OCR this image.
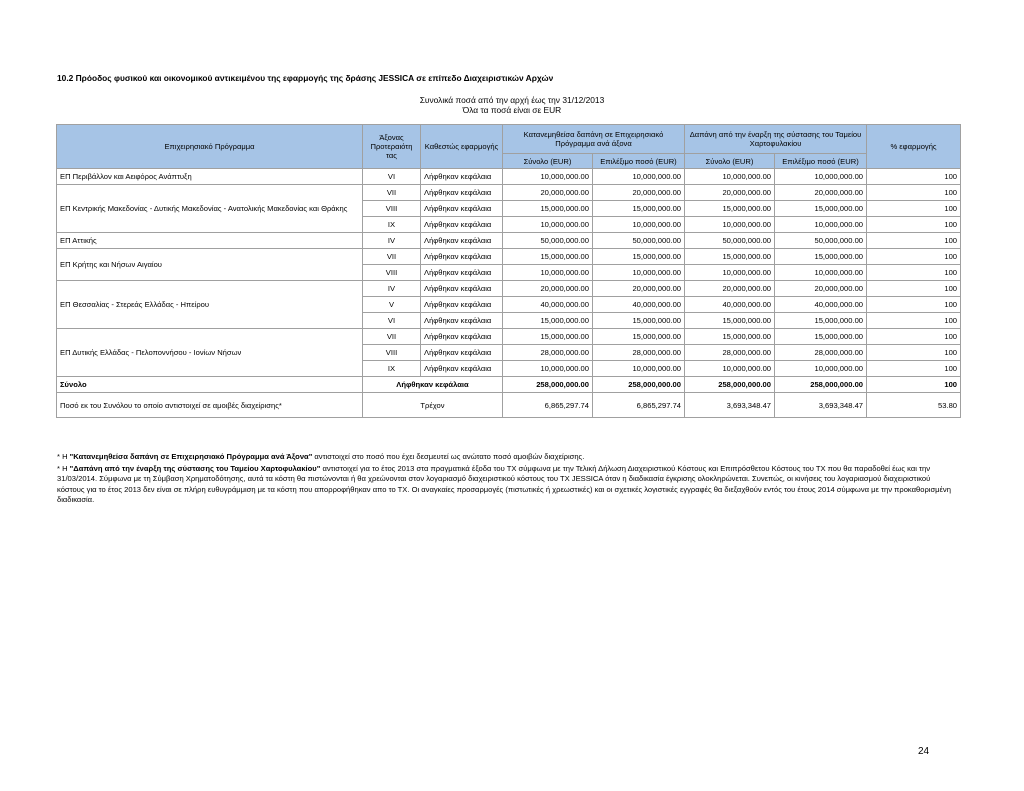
10.2 Πρόοδος φυσικού και οικονομικού αντικειμένου της εφαρμογής της δράσης JESSICA σε επίπεδο Διαχειριστικών Αρχών
Συνολικά ποσά από την αρχή έως την 31/12/2013
Όλα τα ποσά είναι σε EUR
Επιχειρησιακό Πρόγραμμα	Άξονας Προτεραιότη τας	Καθεστώς εφαρμογής	Κατανεμηθείσα δαπάνη σε Επιχειρησιακό Πρόγραμμα ανά άξονα		Δαπάνη από την έναρξη της σύστασης του Ταμείου Χαρτοφυλακίου		% εφαρμογής
			Σύνολο (EUR)	Επιλέξιμο ποσό (EUR)	Σύνολο (EUR)	Επιλέξιμο ποσό (EUR)	
ΕΠ Περιβάλλον και Αειφόρος Ανάπτυξη	VI	Λήφθηκαν κεφάλαια	10,000,000.00	10,000,000.00	10,000,000.00	10,000,000.00	100
ΕΠ Κεντρικής Μακεδονίας - Δυτικής Μακεδονίας - Ανατολικής Μακεδονίας και Θράκης	VII	Λήφθηκαν κεφάλαια	20,000,000.00	20,000,000.00	20,000,000.00	20,000,000.00	100
	VIII	Λήφθηκαν κεφάλαια	15,000,000.00	15,000,000.00	15,000,000.00	15,000,000.00	100
	IX	Λήφθηκαν κεφάλαια	10,000,000.00	10,000,000.00	10,000,000.00	10,000,000.00	100
ΕΠ Αττικής	IV	Λήφθηκαν κεφάλαια	50,000,000.00	50,000,000.00	50,000,000.00	50,000,000.00	100
ΕΠ Κρήτης και Νήσων Αιγαίου	VII	Λήφθηκαν κεφάλαια	15,000,000.00	15,000,000.00	15,000,000.00	15,000,000.00	100
	VIII	Λήφθηκαν κεφάλαια	10,000,000.00	10,000,000.00	10,000,000.00	10,000,000.00	100
ΕΠ Θεσσαλίας - Στερεάς Ελλάδας - Ηπείρου	IV	Λήφθηκαν κεφάλαια	20,000,000.00	20,000,000.00	20,000,000.00	20,000,000.00	100
	V	Λήφθηκαν κεφάλαια	40,000,000.00	40,000,000.00	40,000,000.00	40,000,000.00	100
	VI	Λήφθηκαν κεφάλαια	15,000,000.00	15,000,000.00	15,000,000.00	15,000,000.00	100
ΕΠ Δυτικής Ελλάδας - Πελοποννήσου - Ιονίων Νήσων	VII	Λήφθηκαν κεφάλαια	15,000,000.00	15,000,000.00	15,000,000.00	15,000,000.00	100
	VIII	Λήφθηκαν κεφάλαια	28,000,000.00	28,000,000.00	28,000,000.00	28,000,000.00	100
	IX	Λήφθηκαν κεφάλαια	10,000,000.00	10,000,000.00	10,000,000.00	10,000,000.00	100
Σύνολο	Λήφθηκαν κεφάλαια		258,000,000.00	258,000,000.00	258,000,000.00	258,000,000.00	100
Ποσό εκ του Συνόλου το οποίο αντιστοιχεί σε αμοιβές διαχείρισης*	Τρέχον		6,865,297.74	6,865,297.74	3,693,348.47	3,693,348.47	53.80

* Η "Κατανεμηθείσα δαπάνη σε Επιχειρησιακό Πρόγραμμα ανά Άξονα" αντιστοιχεί στο ποσό που έχει δεσμευτεί ως ανώτατο ποσό αμοιβών διαχείρισης.

* Η "Δαπάνη από την έναρξη της σύστασης του Ταμείου Χαρτοφυλακίου" αντιστοιχεί για το έτος 2013 στα πραγματικά έξοδα του ΤΧ σύμφωνα με την Τελική Δήλωση Διαχειριστικού Κόστους και Επιπρόσθετου Κόστους του ΤΧ που θα παραδοθεί έως και την 31/03/2014. Σύμφωνα με τη Σύμβαση Χρηματοδότησης, αυτά τα κόστη θα πιστώνονται ή θα χρεώνονται στον λογαριασμό διαχειριστικού κόστους του ΤΧ JESSICA όταν η διαδικασία έγκρισης ολοκληρώνεται. Συνεπώς, οι κινήσεις του λογαριασμού διαχειριστικού κόστους για το έτος 2013 δεν είναι σε πλήρη ευθυγράμμιση με τα κόστη που απορροφήθηκαν απο το ΤΧ. Οι αναγκαίες προσαρμογές (πιστωτικές ή χρεωστικές) και οι σχετικές λογιστικές εγγραφές θα διεξαχθούν εντός του έτους 2014 σύμφωνα με την προκαθορισμένη διαδικασία.

24
